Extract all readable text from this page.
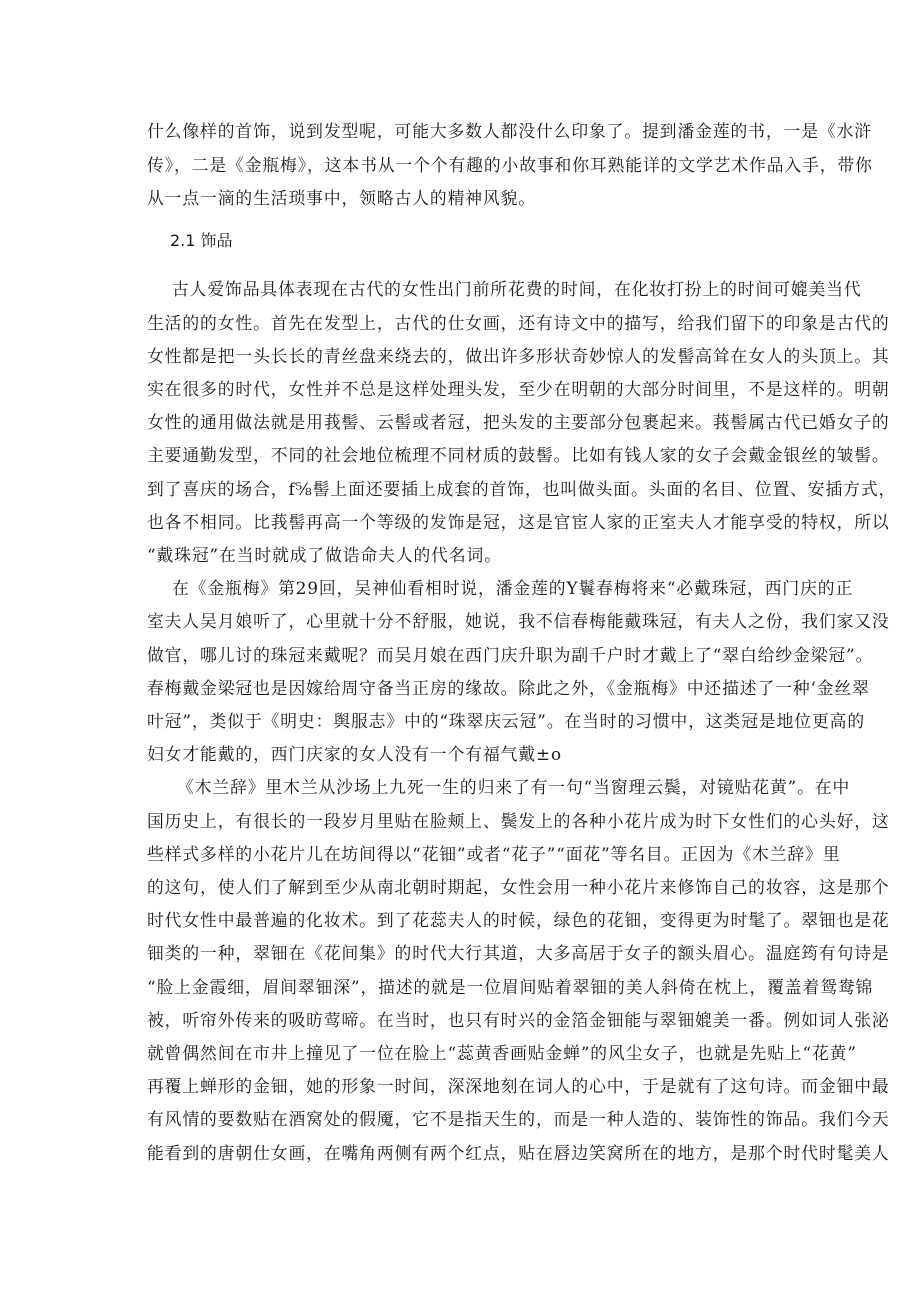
什么像样的首饰，说到发型呢，可能大多数人都没什么印象了。提到潘金莲的书，一是《水浒
传》，二是《金瓶梅》，这本书从一个个有趣的小故事和你耳熟能详的文学艺术作品入手，带你
从一点一滴的生活琐事中，领略古人的精神风貌。
2.1 饰品
古人爱饰品具体表现在古代的女性出门前所花费的时间，在化妆打扮上的时间可媲美当代
生活的的女性。首先在发型上，古代的仕女画，还有诗文中的描写，给我们留下的印象是古代的
女性都是把一头长长的青丝盘来绕去的，做出许多形状奇妙惊人的发髻高耸在女人的头顶上。其
实在很多的时代，女性并不总是这样处理头发，至少在明朝的大部分时间里，不是这样的。明朝
女性的通用做法就是用莪髻、云髻或者冠，把头发的主要部分包裹起来。莪髻属古代已婚女子的
主要通勤发型，不同的社会地位梳理不同材质的鼓髻。比如有钱人家的女子会戴金银丝的皱髻。
到了喜庆的场合，f⅝髻上面还要插上成套的首饰，也叫做头面。头面的名目、位置、安插方式，
也各不相同。比莪髻再高一个等级的发饰是冠，这是官宦人家的正室夫人才能享受的特权，所以
“戴珠冠”在当时就成了做诰命夫人的代名词。
在《金瓶梅》第29回，吴神仙看相时说，潘金莲的Y鬟春梅将来“必戴珠冠，西门庆的正
室夫人吴月娘听了，心里就十分不舒服，她说，我不信春梅能戴珠冠，有夫人之份，我们家又没
做官，哪儿讨的珠冠来戴呢？而吴月娘在西门庆升职为副千户时才戴上了“翠白给纱金梁冠”。
春梅戴金梁冠也是因嫁给周守备当正房的缘故。除此之外，《金瓶梅》中还描述了一种‘金丝翠
叶冠”，类似于《明史：舆服志》中的“珠翠庆云冠”。在当时的习惯中，这类冠是地位更高的
妇女才能戴的，西门庆家的女人没有一个有福气戴±o
《木兰辞》里木兰从沙场上九死一生的归来了有一句“当窗理云鬓，对镜贴花黄”。在中
国历史上，有很长的一段岁月里贴在脸颊上、鬓发上的各种小花片成为时下女性们的心头好，这
些样式多样的小花片儿在坊间得以“花钿”或者“花子”“面花”等名目。正因为《木兰辞》里
的这句，使人们了解到至少从南北朝时期起，女性会用一种小花片来修饰自己的妆容，这是那个
时代女性中最普遍的化妆术。到了花蕊夫人的时候，绿色的花钿，变得更为时髦了。翠钿也是花
钿类的一种，翠钿在《花间集》的时代大行其道，大多高居于女子的额头眉心。温庭筠有句诗是
“脸上金霞细，眉间翠钿深”，描述的就是一位眉间贴着翠钿的美人斜倚在枕上，覆盖着鸳鸯锦
被，听帘外传来的吸昉莺啼。在当时，也只有时兴的金箔金钿能与翠钿媲美一番。例如词人张泌
就曾偶然间在市井上撞见了一位在脸上“蕊黄香画贴金蝉”的风尘女子，也就是先贴上“花黄”
再覆上蝉形的金钿，她的形象一时间，深深地刻在词人的心中，于是就有了这句诗。而金钿中最
有风情的要数贴在酒窝处的假魇，它不是指天生的，而是一种人造的、装饰性的饰品。我们今天
能看到的唐朝仕女画，在嘴角两侧有两个红点，贴在唇边笑窝所在的地方，是那个时代时髦美人
